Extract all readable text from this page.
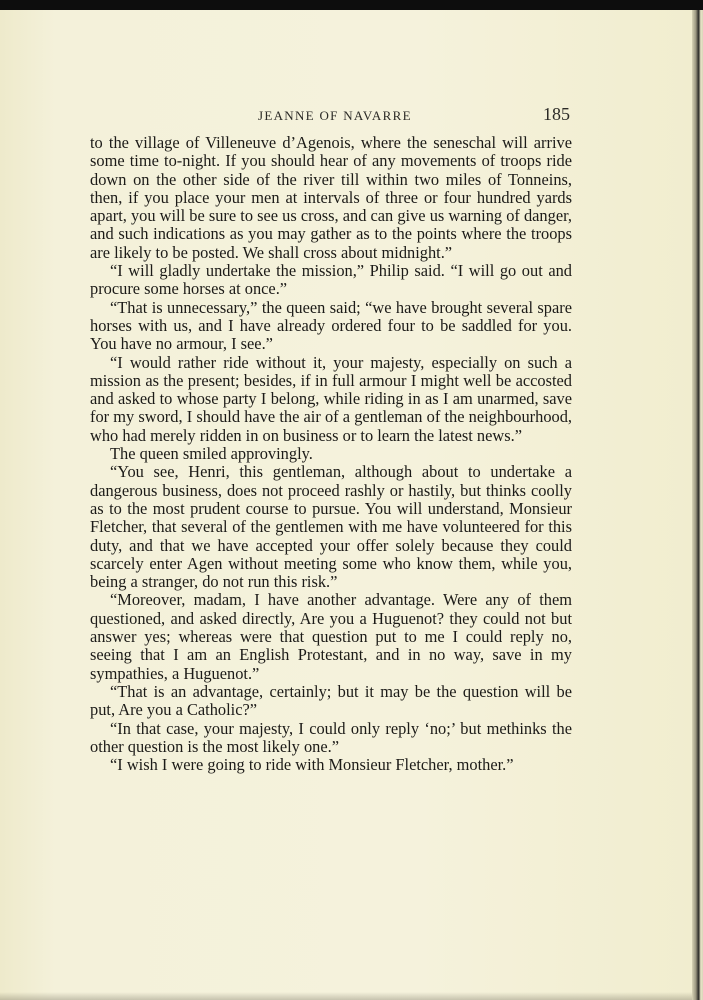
JEANNE OF NAVARRE	185

to the village of Villeneuve d’Agenois, where the seneschal will arrive some time to-night. If you should hear of any movements of troops ride down on the other side of the river till within two miles of Tonneins, then, if you place your men at intervals of three or four hundred yards apart, you will be sure to see us cross, and can give us warning of danger, and such indications as you may gather as to the points where the troops are likely to be posted. We shall cross about midnight.”

“I will gladly undertake the mission,” Philip said. “I will go out and procure some horses at once.”

“That is unnecessary,” the queen said; “we have brought several spare horses with us, and I have already ordered four to be saddled for you. You have no armour, I see.”

“I would rather ride without it, your majesty, especially on such a mission as the present; besides, if in full armour I might well be accosted and asked to whose party I belong, while riding in as I am unarmed, save for my sword, I should have the air of a gentleman of the neighbourhood, who had merely ridden in on business or to learn the latest news.”

The queen smiled approvingly.

“You see, Henri, this gentleman, although about to undertake a dangerous business, does not proceed rashly or hastily, but thinks coolly as to the most prudent course to pursue. You will understand, Monsieur Fletcher, that several of the gentlemen with me have volunteered for this duty, and that we have accepted your offer solely because they could scarcely enter Agen without meeting some who know them, while you, being a stranger, do not run this risk.”

“Moreover, madam, I have another advantage. Were any of them questioned, and asked directly, Are you a Huguenot? they could not but answer yes; whereas were that question put to me I could reply no, seeing that I am an English Protestant, and in no way, save in my sympathies, a Huguenot.”

“That is an advantage, certainly; but it may be the question will be put, Are you a Catholic?”

“In that case, your majesty, I could only reply ‘no;’ but methinks the other question is the most likely one.”

“I wish I were going to ride with Monsieur Fletcher, mother.”
